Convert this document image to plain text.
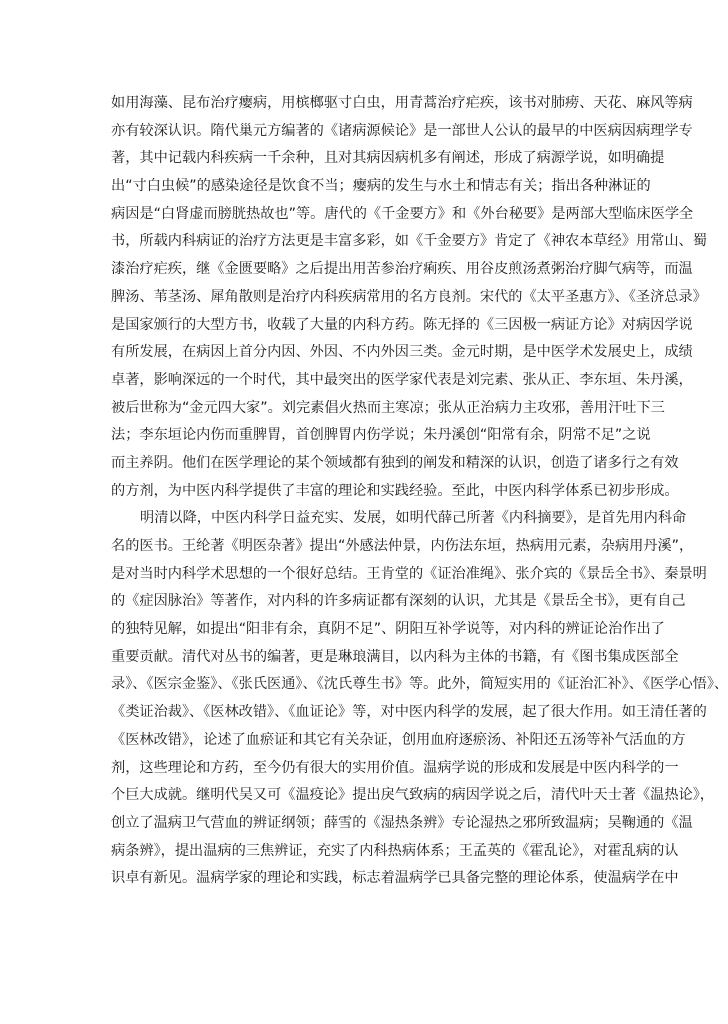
如用海藻、昆布治疗瘿病，用槟榔驱寸白虫，用青蒿治疗疟疾，该书对肺痨、天花、麻风等病
亦有较深认识。隋代巢元方编著的《诸病源候论》是一部世人公认的最早的中医病因病理学专
著，其中记载内科疾病一千余种，且对其病因病机多有阐述，形成了病源学说，如明确提
出“寸白虫候”的感染途径是饮食不当；瘿病的发生与水土和情志有关；指出各种淋证的
病因是“白肾虚而膀胱热故也”等。唐代的《千金要方》和《外台秘要》是两部大型临床医学全
书，所载内科病证的治疗方法更是丰富多彩，如《千金要方》肯定了《神农本草经》用常山、蜀
漆治疗疟疾，继《金匮要略》之后提出用苦参治疗痢疾、用谷皮煎汤煮粥治疗脚气病等，而温
脾汤、苇茎汤、犀角散则是治疗内科疾病常用的名方良剂。宋代的《太平圣惠方》、《圣济总录》
是国家颁行的大型方书，收载了大量的内科方药。陈无择的《三因极一病证方论》对病因学说
有所发展，在病因上首分内因、外因、不内外因三类。金元时期，是中医学术发展史上，成绩
卓著，影响深远的一个时代，其中最突出的医学家代表是刘完素、张从正、李东垣、朱丹溪，
被后世称为“金元四大家”。刘完素倡火热而主寒凉；张从正治病力主攻邪，善用汗吐下三
法；李东垣论内伤而重脾胃，首创脾胃内伤学说；朱丹溪创“阳常有余，阴常不足”之说
而主养阴。他们在医学理论的某个领域都有独到的阐发和精深的认识，创造了诸多行之有效
的方剂，为中医内科学提供了丰富的理论和实践经验。至此，中医内科学体系已初步形成。
明清以降，中医内科学日益充实、发展，如明代薛己所著《内科摘要》，是首先用内科命
名的医书。王纶著《明医杂著》提出“外感法仲景，内伤法东垣，热病用元素，杂病用丹溪”，
是对当时内科学术思想的一个很好总结。王肯堂的《证治准绳》、张介宾的《景岳全书》、秦景明
的《症因脉治》等著作，对内科的许多病证都有深刻的认识，尤其是《景岳全书》，更有自己
的独特见解，如提出“阳非有余，真阴不足”、阴阳互补学说等，对内科的辨证论治作出了
重要贡献。清代对丛书的编著，更是琳琅满目，以内科为主体的书籍，有《图书集成医部全
录》、《医宗金鉴》、《张氏医通》、《沈氏尊生书》等。此外，简短实用的《证治汇补》、《医学心悟》、
《类证治裁》、《医林改错》、《血证论》等，对中医内科学的发展，起了很大作用。如王清任著的
《医林改错》，论述了血瘀证和其它有关杂证，创用血府逐瘀汤、补阳还五汤等补气活血的方
剂，这些理论和方药，至今仍有很大的实用价值。温病学说的形成和发展是中医内科学的一
个巨大成就。继明代吴又可《温疫论》提出戾气致病的病因学说之后，清代叶天士著《温热论》，
创立了温病卫气营血的辨证纲领；薛雪的《湿热条辨》专论湿热之邪所致温病；吴鞠通的《温
病条辨》，提出温病的三焦辨证，充实了内科热病体系；王孟英的《霍乱论》，对霍乱病的认
识卓有新见。温病学家的理论和实践，标志着温病学已具备完整的理论体系，使温病学在中
